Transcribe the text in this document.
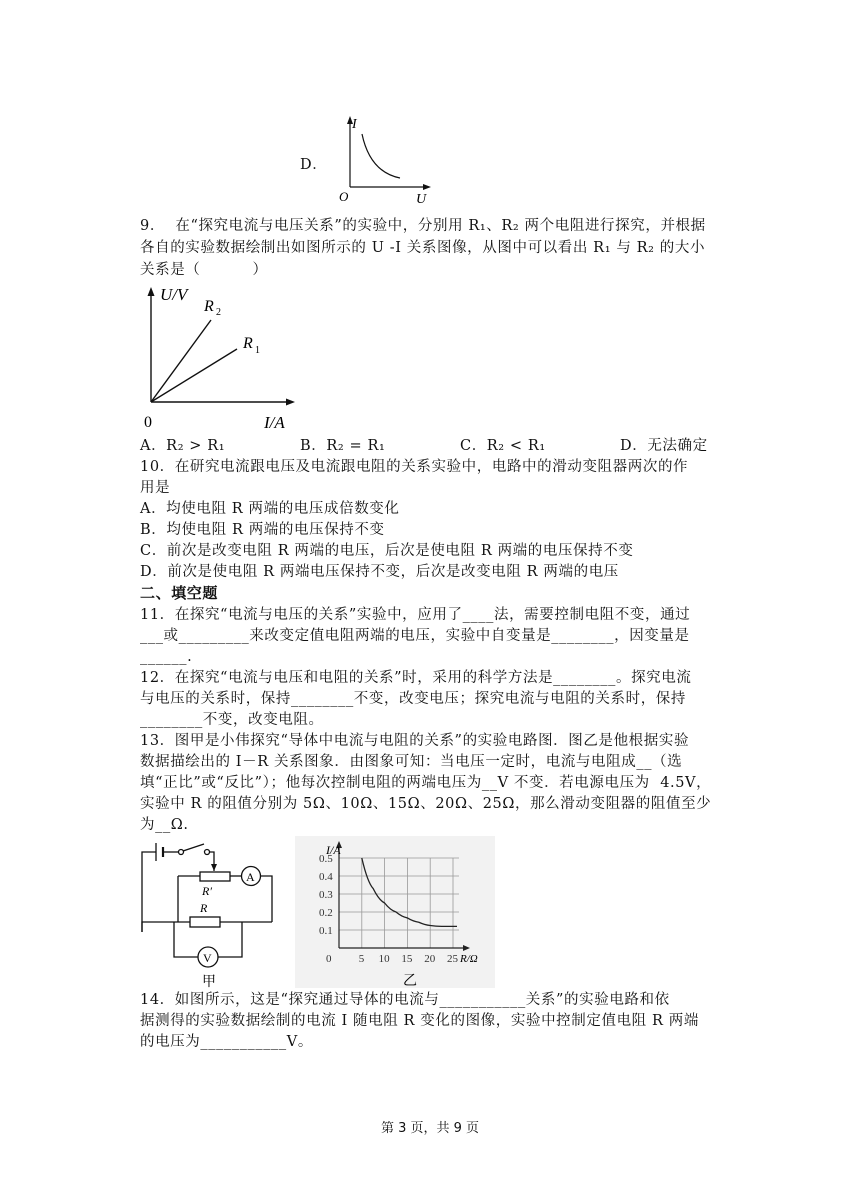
D．
I
O	U
9．  在“探究电流与电压关系”的实验中，分别用 R₁、R₂ 两个电阻进行探究，并根据
各自的实验数据绘制出如图所示的 U -I 关系图像，从图中可以看出 R₁ 与 R₂ 的大小
关系是（          ）
U/V
R 2
R 1
0	I/A
A．R₂ > R₁	B．R₂ = R₁	C．R₂ < R₁	D．无法确定
10．在研究电流跟电压及电流跟电阻的关系实验中，电路中的滑动变阻器两次的作
用是
A．均使电阻 R 两端的电压成倍数变化
B．均使电阻 R 两端的电压保持不变
C．前次是改变电阻 R 两端的电压，后次是使电阻 R 两端的电压保持不变
D．前次是使电阻 R 两端电压保持不变，后次是改变电阻 R 两端的电压
二、填空题
11．在探究“电流与电压的关系”实验中，应用了____法，需要控制电阻不变，通过
___或_________来改变定值电阻两端的电压，实验中自变量是________，因变量是
______.
12．在探究“电流与电压和电阻的关系”时，采用的科学方法是________。探究电流
与电压的关系时，保持________不变，改变电压；探究电流与电阻的关系时，保持
________不变，改变电阻。
13．图甲是小伟探究“导体中电流与电阻的关系”的实验电路图．图乙是他根据实验
数据描绘出的 I－R 关系图象．由图象可知：当电压一定时，电流与电阻成__（选
填“正比”或“反比”）；他每次控制电阻的两端电压为__V 不变．若电源电压为  4.5V，
实验中 R 的阻值分别为 5Ω、10Ω、15Ω、20Ω、25Ω，那么滑动变阻器的阻值至少
为__Ω.
R′
A
R
V
甲
0.1
0.2
0.3
0.4
0.5
0 5 10 15 20 25
I/A
R/Ω
乙
14．如图所示，这是“探究通过导体的电流与___________关系”的实验电路和依
据测得的实验数据绘制的电流 I 随电阻 R 变化的图像，实验中控制定值电阻 R 两端
的电压为___________V。
第 3 页，共 9 页
